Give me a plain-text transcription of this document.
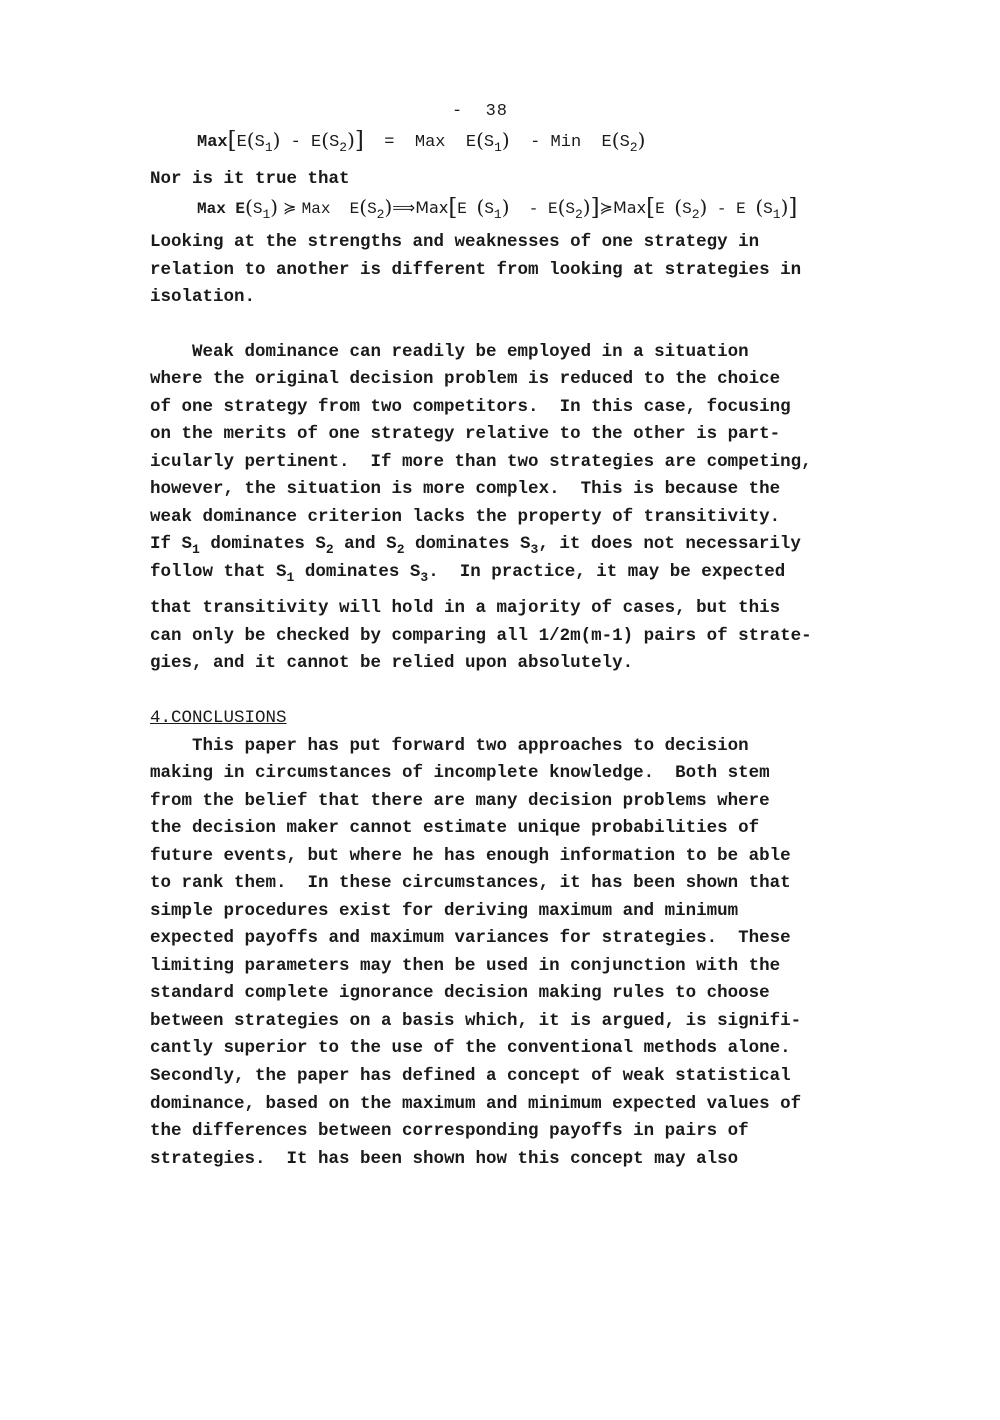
-  38
$Max[E(S_1) - E(S_2)]$  =  Max  $E(S_1)$  - Min  $E(S_2)$
Nor is it true that
Max $E(S_1)$ ≽ Max  $E(S_2)⟹Max[E$ $(S_1)$  - $E(S_2)]≽Max[E$ $(S_2)$ - E $(S_1)$]
Looking at the strengths and weaknesses of one strategy in
relation to another is different from looking at strategies in
isolation.
Weak dominance can readily be employed in a situation
where the original decision problem is reduced to the choice
of one strategy from two competitors.  In this case, focusing
on the merits of one strategy relative to the other is part-
icularly pertinent.  If more than two strategies are competing,
however, the situation is more complex.  This is because the
weak dominance criterion lacks the property of transitivity.
If $S_1$ dominates $S_2$ and $S_2$ dominates $S_3$, it does not necessarily
follow that $S_1$ dominates $S_3$.  In practice, it may be expected
that transitivity will hold in a majority of cases, but this
can only be checked by comparing all 1/2m(m-1) pairs of strate-
gies, and it cannot be relied upon absolutely.
4.CONCLUSIONS
This paper has put forward two approaches to decision
making in circumstances of incomplete knowledge.  Both stem
from the belief that there are many decision problems where
the decision maker cannot estimate unique probabilities of
future events, but where he has enough information to be able
to rank them.  In these circumstances, it has been shown that
simple procedures exist for deriving maximum and minimum
expected payoffs and maximum variances for strategies.  These
limiting parameters may then be used in conjunction with the
standard complete ignorance decision making rules to choose
between strategies on a basis which, it is argued, is signifi-
cantly superior to the use of the conventional methods alone.
Secondly, the paper has defined a concept of weak statistical
dominance, based on the maximum and minimum expected values of
the differences between corresponding payoffs in pairs of
strategies.  It has been shown how this concept may also
